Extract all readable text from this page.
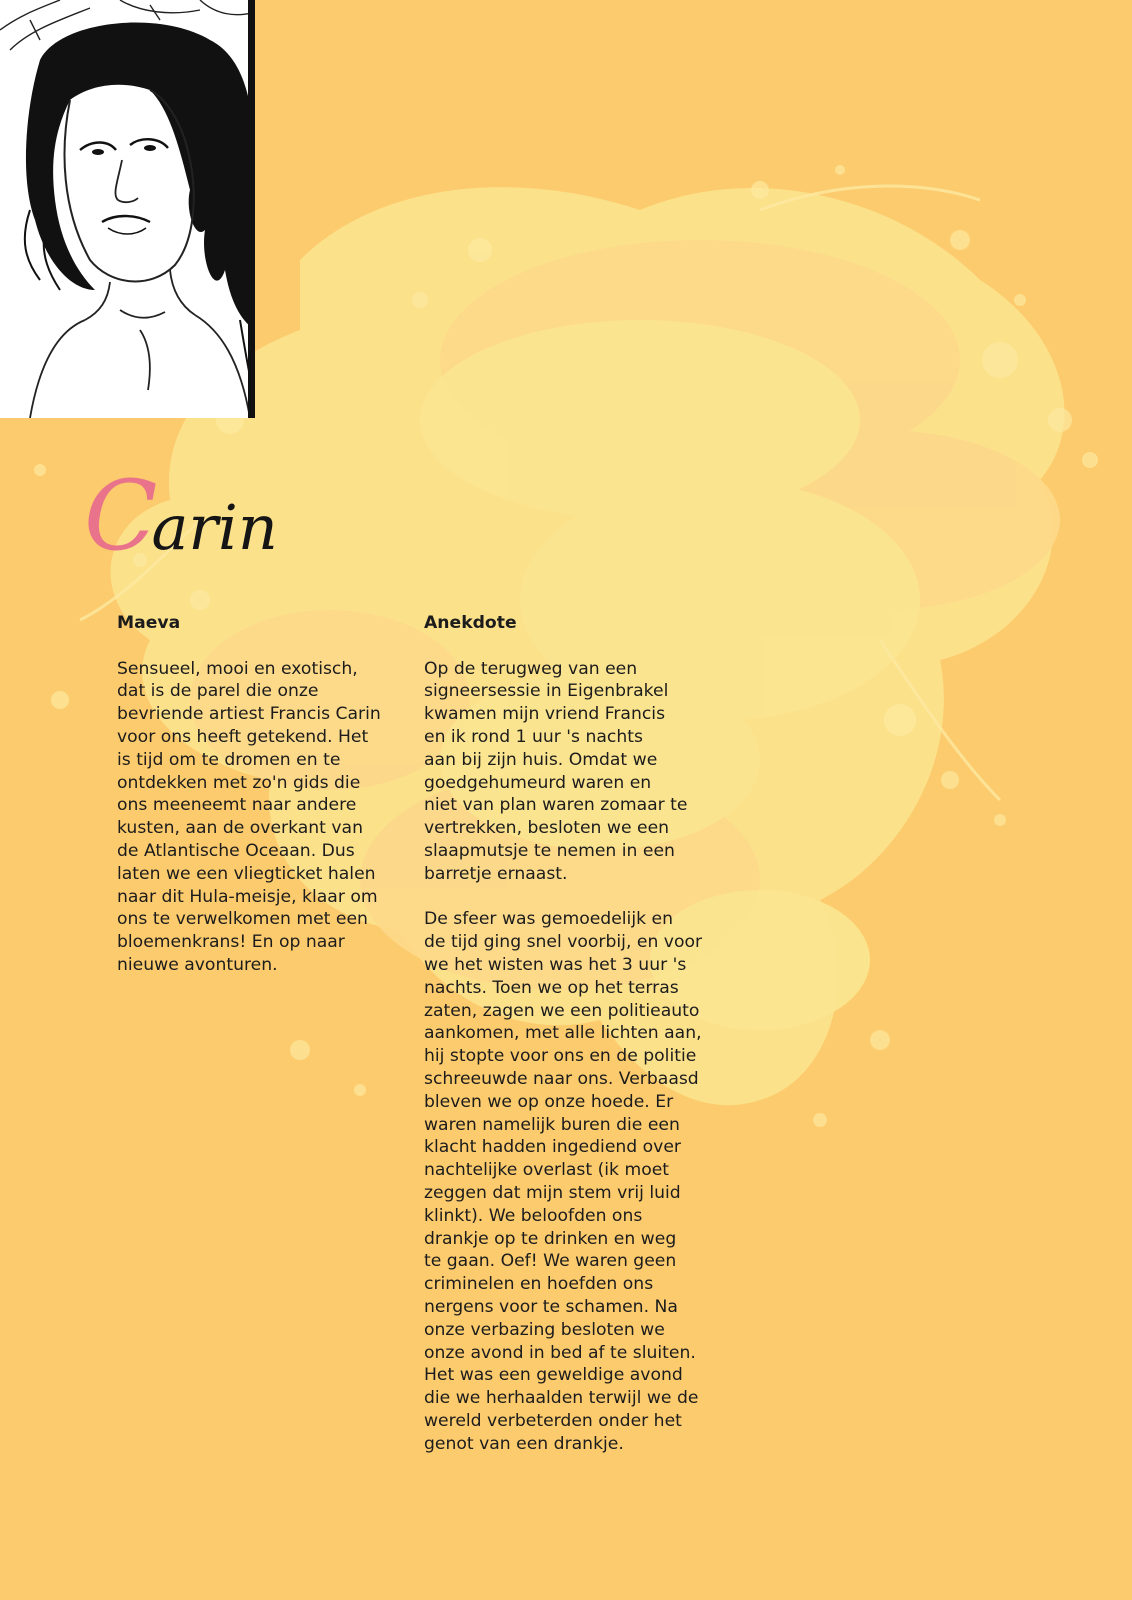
Carin
Maeva
Sensueel, mooi en exotisch,
dat is de parel die onze
bevriende artiest Francis Carin
voor ons heeft getekend. Het
is tijd om te dromen en te
ontdekken met zo'n gids die
ons meeneemt naar andere
kusten, aan de overkant van
de Atlantische Oceaan. Dus
laten we een vliegticket halen
naar dit Hula-meisje, klaar om
ons te verwelkomen met een
bloemenkrans! En op naar
nieuwe avonturen.
Anekdote
Op de terugweg van een
signeersessie in Eigenbrakel
kwamen mijn vriend Francis
en ik rond 1 uur 's nachts
aan bij zijn huis. Omdat we
goedgehumeurd waren en
niet van plan waren zomaar te
vertrekken, besloten we een
slaapmutsje te nemen in een
barretje ernaast.
De sfeer was gemoedelijk en
de tijd ging snel voorbij, en voor
we het wisten was het 3 uur 's
nachts. Toen we op het terras
zaten, zagen we een politieauto
aankomen, met alle lichten aan,
hij stopte voor ons en de politie
schreeuwde naar ons. Verbaasd
bleven we op onze hoede. Er
waren namelijk buren die een
klacht hadden ingediend over
nachtelijke overlast (ik moet
zeggen dat mijn stem vrij luid
klinkt). We beloofden ons
drankje op te drinken en weg
te gaan. Oef! We waren geen
criminelen en hoefden ons
nergens voor te schamen. Na
onze verbazing besloten we
onze avond in bed af te sluiten.
Het was een geweldige avond
die we herhaalden terwijl we de
wereld verbeterden onder het
genot van een drankje.
